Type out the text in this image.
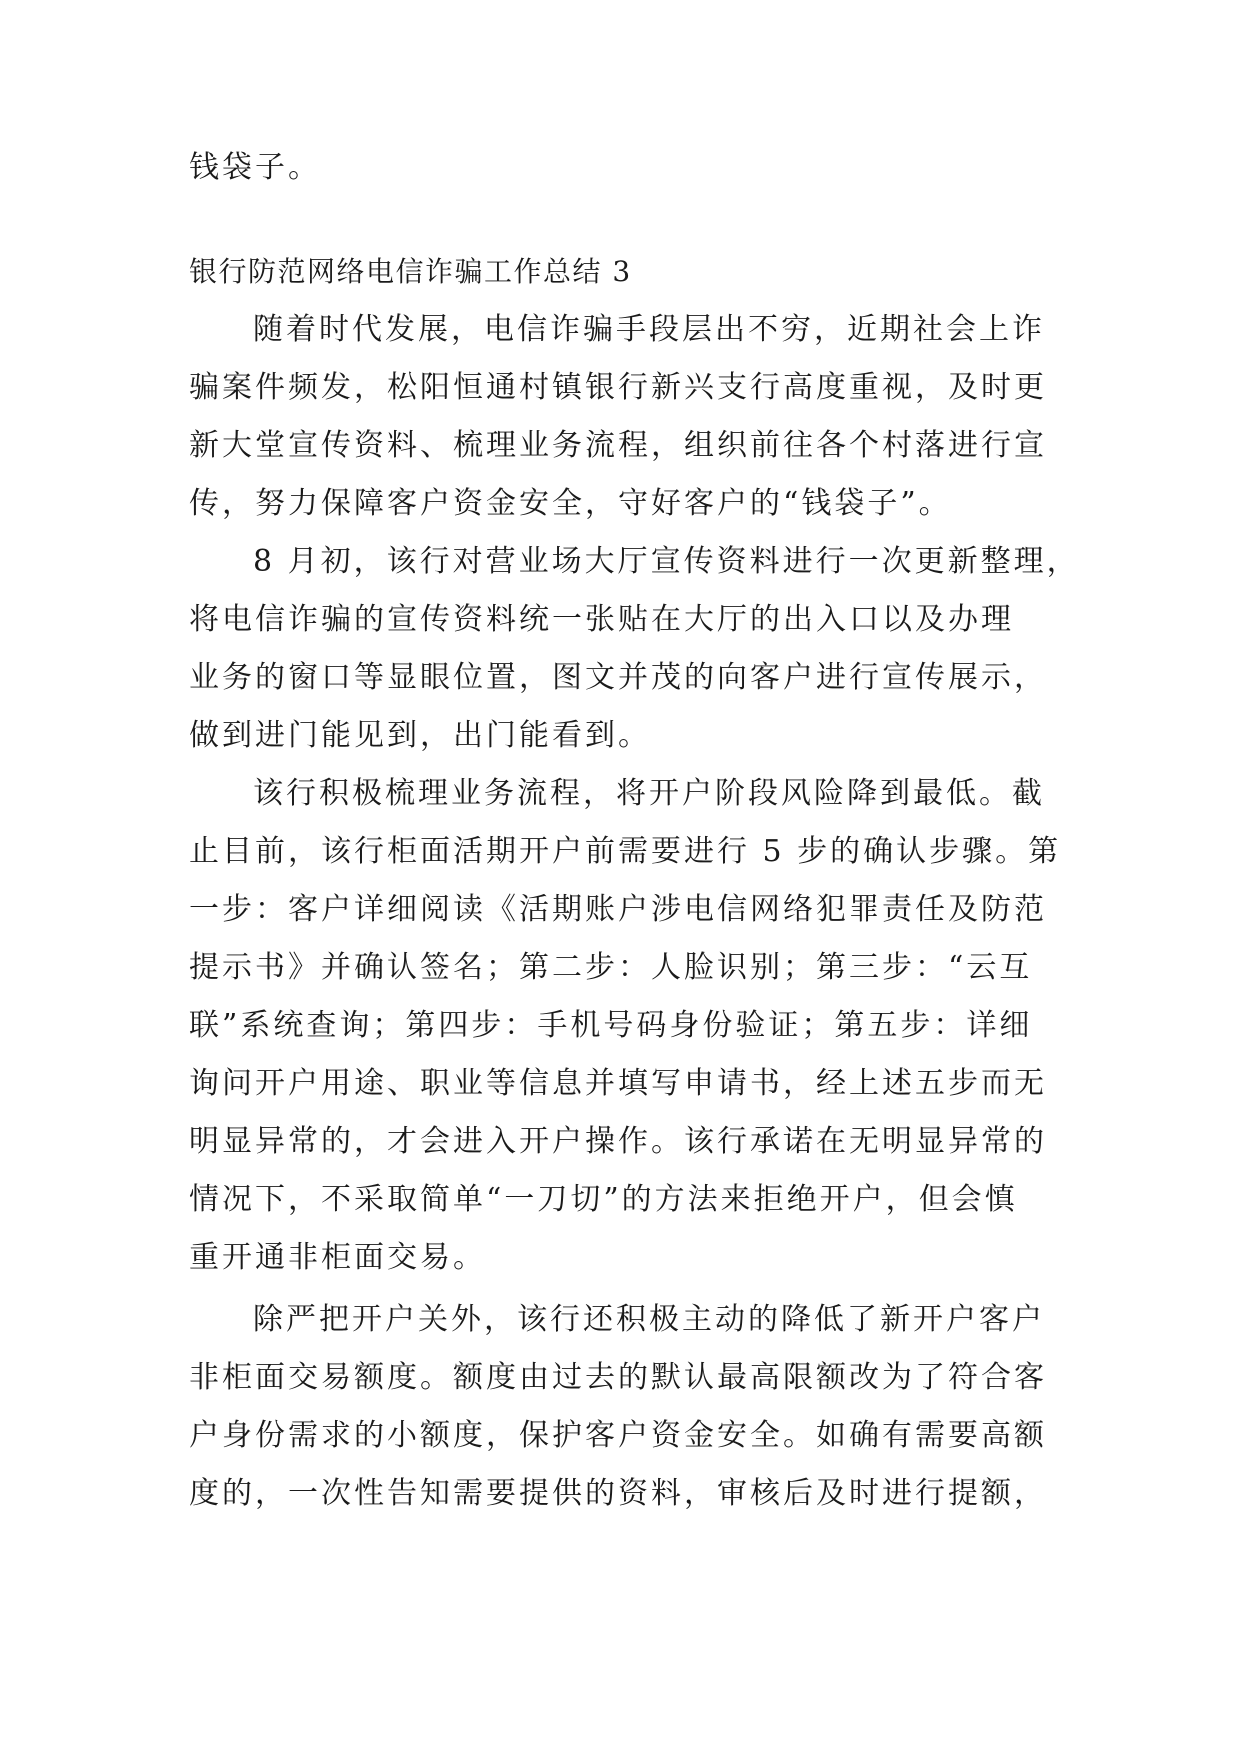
钱袋子。
银行防范网络电信诈骗工作总结 3
随着时代发展，电信诈骗手段层出不穷，近期社会上诈
骗案件频发，松阳恒通村镇银行新兴支行高度重视，及时更
新大堂宣传资料、梳理业务流程，组织前往各个村落进行宣
传，努力保障客户资金安全，守好客户的“钱袋子”。
8 月初，该行对营业场大厅宣传资料进行一次更新整理，
将电信诈骗的宣传资料统一张贴在大厅的出入口以及办理
业务的窗口等显眼位置，图文并茂的向客户进行宣传展示，
做到进门能见到，出门能看到。
该行积极梳理业务流程，将开户阶段风险降到最低。截
止目前，该行柜面活期开户前需要进行 5 步的确认步骤。第
一步：客户详细阅读《活期账户涉电信网络犯罪责任及防范
提示书》并确认签名；第二步：人脸识别；第三步：“云互
联”系统查询；第四步：手机号码身份验证；第五步：详细
询问开户用途、职业等信息并填写申请书，经上述五步而无
明显异常的，才会进入开户操作。该行承诺在无明显异常的
情况下，不采取简单“一刀切”的方法来拒绝开户，但会慎
重开通非柜面交易。
除严把开户关外，该行还积极主动的降低了新开户客户
非柜面交易额度。额度由过去的默认最高限额改为了符合客
户身份需求的小额度，保护客户资金安全。如确有需要高额
度的，一次性告知需要提供的资料，审核后及时进行提额，
